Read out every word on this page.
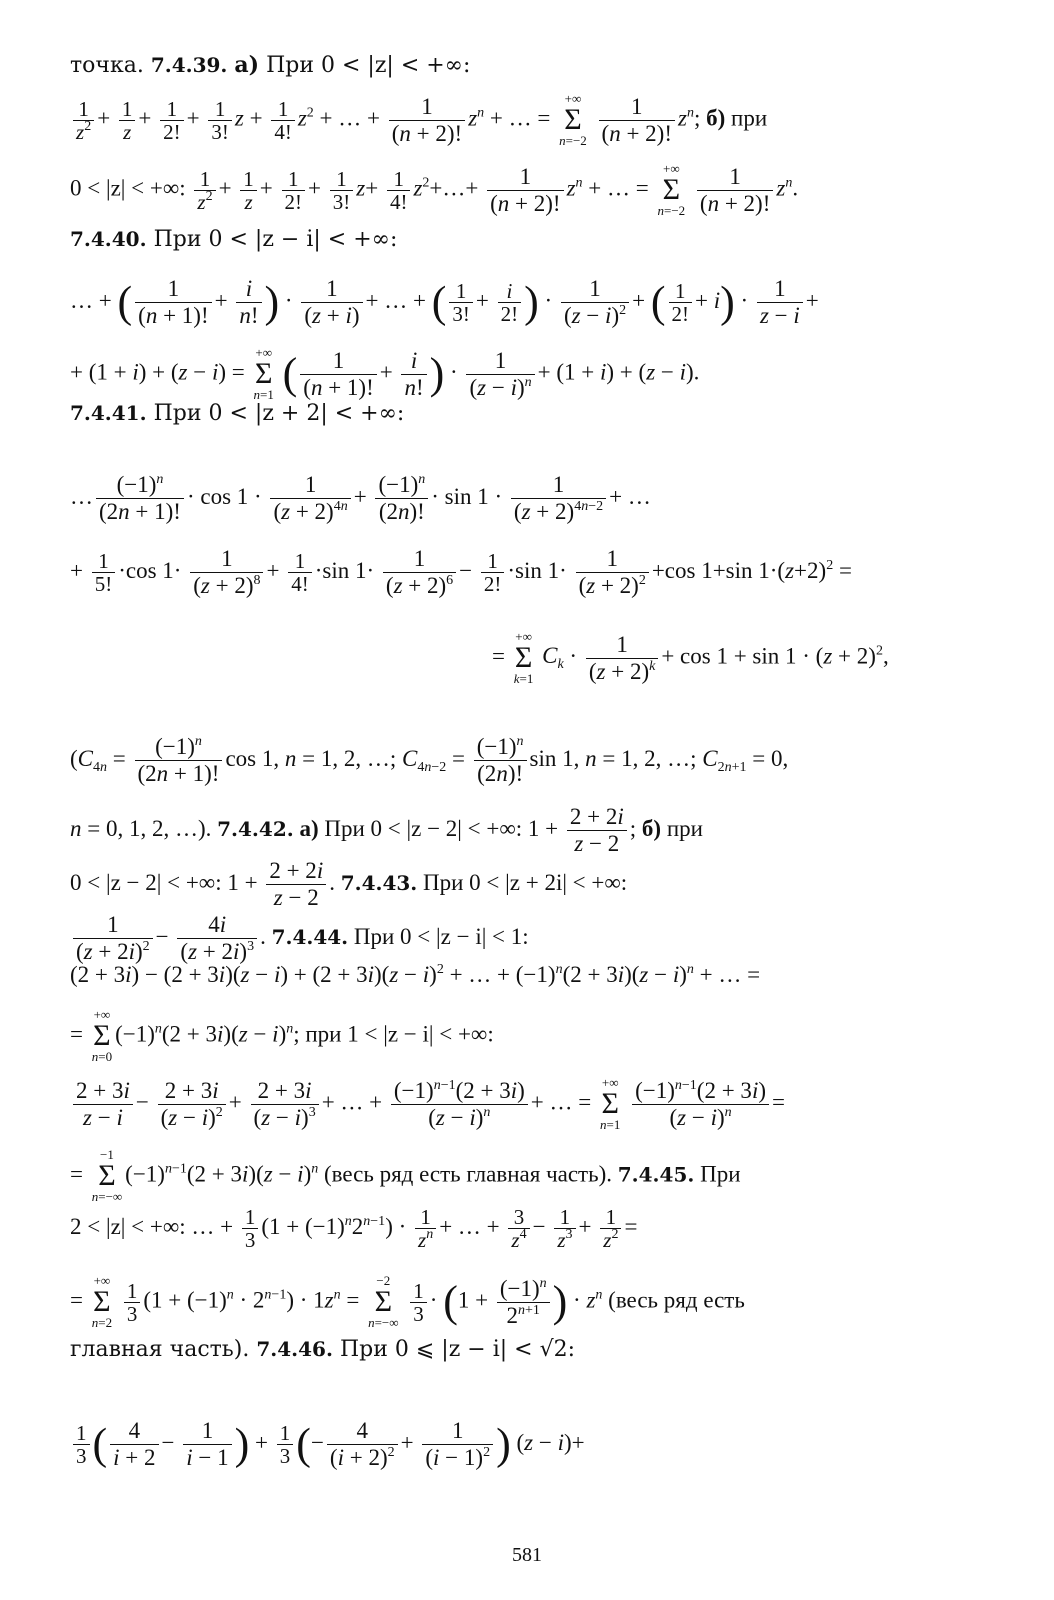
точка. 7.4.39. а) При 0 < |z| < +∞:
$\frac{1}{z^2} + \frac{1}{z} + \frac{1}{2!} + \frac{1}{3!}$ $z + \frac{1}{4!} z^2$ + … + $\frac{1}{(n + 2)!} z^n$ + … =
+∞
Σ
n=−2
$\frac{1}{(n + 2)!} z^n$; б) при
0 < |z| < +∞: $\frac{1}{z^2} + \frac{1}{z} + \frac{1}{2!} + \frac{1}{3!} z+ \frac{1}{4!}$ $z^2+\dots+ \frac{1}{(n + 2)!} z^n$ + … =
+∞
Σ
n=−2
$\frac{1}{(n + 2)!} z^n$.
7.4.40. При 0 < |z − i| < +∞:
… + ( $\frac{1}{(n + 1)!} + \frac{i}{n!}$ ) · $\frac{1}{(z + i)}$ + … + ( $\frac{1}{3!} + \frac{i}{2!}$ ) · $\frac{1}{(z - i)^2}$ + ( $\frac{1}{2!} + i) \cdot \frac{1}{z - i}$ +
+ (1 + i) + (z − i) =
+∞
Σ
n=1 ( $\frac{1}{(n + 1)!} + \frac{i}{n!}$ ) · $\frac{1}{(z - i)^n} + (1 + i) + (z - i)$.
7.4.41. При 0 < |z + 2| < +∞:
… $\frac{(-1)^n}{(2n + 1)!} \cdot \cos 1 \cdot \frac{1}{(z + 2)^{4n}} + \frac{(-1)^n}{(2n)!} \cdot \sin 1 \cdot \frac{1}{(z + 2)^{4n-2}}$ + …
+ $\frac{1}{5!} \cdot\cos$ $1\cdot \frac{1}{(z + 2)^8} + \frac{1}{4!} \cdot\sin$ $1\cdot \frac{1}{(z + 2)^6} - \frac{1}{2!} \cdot\sin$ $1\cdot \frac{1}{(z + 2)^2} +\cos$ 1+sin $1\cdot(z+2)^2$ =
=
+∞
Σ
k=1
$C_k \cdot \frac{1}{(z + 2)^k} + \cos 1 + \sin 1 \cdot (z + 2)^2$,
($C_{4n} = \frac{(-1)^n}{(2n + 1)!}$ cos 1, n = 1, 2, …; $C_{4n-2} = \frac{(-1)^n}{(2n)!}$ sin 1, n = 1, 2, …; $C_{2n+1} = 0$,
n = 0, 1, 2, …). 7.4.42. а) При 0 < |z − 2| < +∞: $1 + \frac{2 + 2i}{z - 2}$ ; б) при
0 < |z − 2| < +∞: $1 + \frac{2 + 2i}{z - 2}$ . 7.4.43. При 0 < |z + 2i| < +∞:
$\frac{1}{(z + 2i)^2} - \frac{4i}{(z + 2i)^3}$ . 7.4.44. При 0 < |z − i| < 1:
$(2 + 3i) - (2 + 3i)(z - i) + (2 + 3i)(z - i)^2$ + … + $(-1)^n(2 + 3i)(z - i)^n$ + … =
=
+∞
Σ
n=0
$(-1)^n(2 + 3i)(z - i)^n$; при 1 < |z − i| < +∞:
$\frac{2 + 3i}{z - i} - \frac{2 + 3i}{(z - i)^2} + \frac{2 + 3i}{(z - i)^3}$ + … + $\frac{(-1)^{n-1}(2 + 3i)}{(z - i)^n}$ + … =
+∞
Σ
n=1
$\frac{(-1)^{n-1}(2 + 3i)}{(z - i)^n}$ =
=
−1
Σ
n=−∞
$(-1)^{n-1}(2 + 3i)(z - i)^n$ (весь ряд есть главная часть). 7.4.45. При
2 < |z| < +∞: … + $\frac{1}{3} (1 + (-1)^n2^{n-1}) \cdot \frac{1}{z^n}$ + … + $\frac{3}{z^4} - \frac{1}{z^3} + \frac{1}{z^2}$ =
=
+∞
Σ
n=2
$\frac{1}{3} (1 + (-1)^n \cdot 2^{n-1}) \cdot 1z^n$ =
−2
Σ
n=−∞
$\frac{1}{3} \cdot (1 + \frac{(-1)^n}{2^{n+1}}$ ) · $z^n$ (весь ряд есть
главная часть). 7.4.46. При 0 ⩽ |z − i| < √2:
$\frac{1}{3}$ ( $\frac{4}{i + 2} - \frac{1}{i - 1}$ ) + $\frac{1}{3}$ (− $\frac{4}{(i + 2)^2} + \frac{1}{(i - 1)^2}$ ) (z − i)+
581
